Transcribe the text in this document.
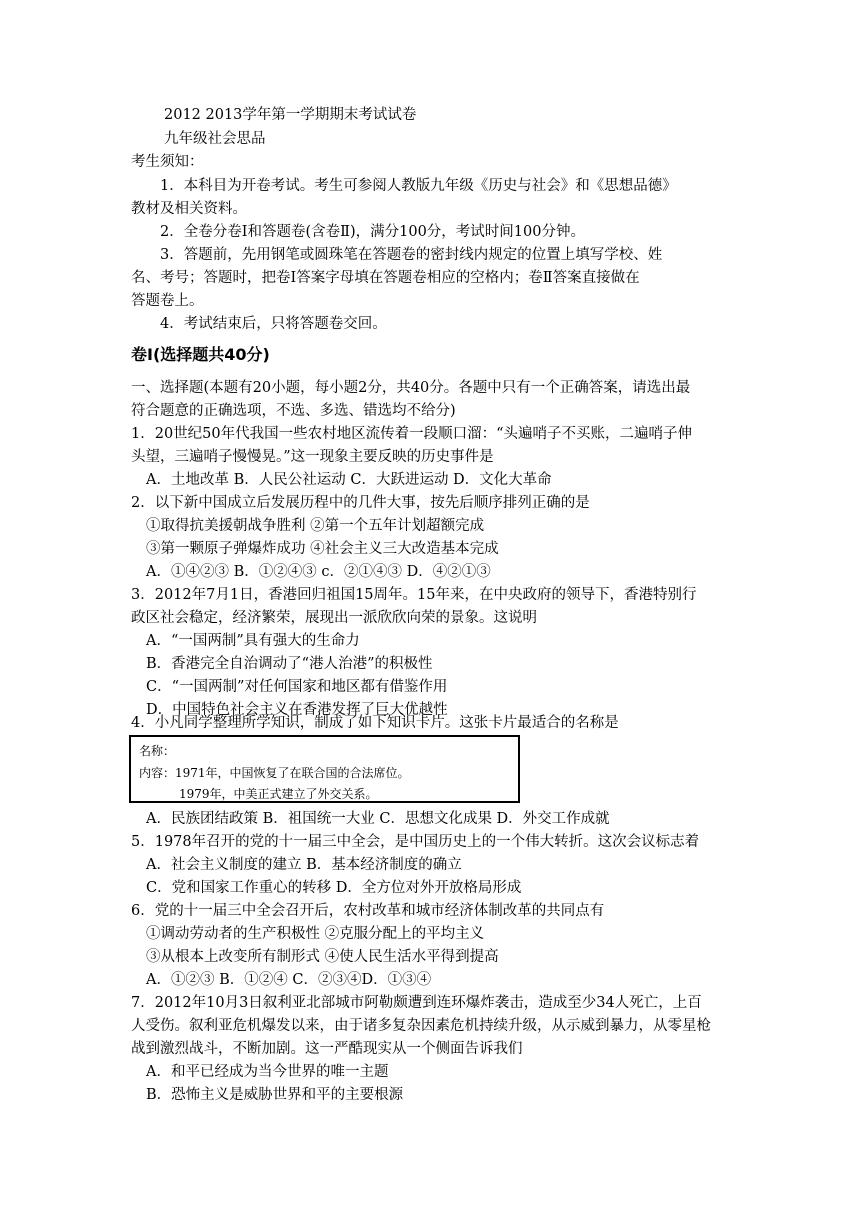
2012 2013学年第一学期期末考试试卷
九年级社会思品
考生须知：
1．本科目为开卷考试。考生可参阅人教版九年级《历史与社会》和《思想品德》
教材及相关资料。
2．全卷分卷Ⅰ和答题卷(含卷Ⅱ)，满分100分，考试时间100分钟。
3．答题前，先用钢笔或圆珠笔在答题卷的密封线内规定的位置上填写学校、姓
名、考号；答题时，把卷Ⅰ答案字母填在答题卷相应的空格内；卷Ⅱ答案直接做在
答题卷上。
4．考试结束后，只将答题卷交回。
卷Ⅰ(选择题共40分)
一、选择题(本题有20小题，每小题2分，共40分。各题中只有一个正确答案，请选出最
符合题意的正确选项，不选、多选、错选均不给分)
1．20世纪50年代我国一些农村地区流传着一段顺口溜：“头遍哨子不买账，二遍哨子伸
头望，三遍哨子慢慢晃。”这一现象主要反映的历史事件是
A．土地改革 B．人民公社运动 C．大跃进运动 D．文化大革命
2．以下新中国成立后发展历程中的几件大事，按先后顺序排列正确的是
①取得抗美援朝战争胜利 ②第一个五年计划超额完成
③第一颗原子弹爆炸成功 ④社会主义三大改造基本完成
A．①④②③ B．①②④③ c．②①④③ D．④②①③
3．2012年7月1日，香港回归祖国15周年。15年来，在中央政府的领导下，香港特别行
政区社会稳定，经济繁荣，展现出一派欣欣向荣的景象。这说明
A．“一国两制”具有强大的生命力
B．香港完全自治调动了“港人治港”的积极性
C．“一国两制”对任何国家和地区都有借鉴作用
D．中国特色社会主义在香港发挥了巨大优越性
4．小凡同学整理所学知识，制成了如下知识卡片。这张卡片最适合的名称是
名称：
内容：1971年，中国恢复了在联合国的合法席位。
1979年，中美正式建立了外交关系。
A．民族团结政策 B．祖国统一大业 C．思想文化成果 D．外交工作成就
5．1978年召开的党的十一届三中全会，是中国历史上的一个伟大转折。这次会议标志着
A．社会主义制度的建立 B．基本经济制度的确立
C．党和国家工作重心的转移 D．全方位对外开放格局形成
6．党的十一届三中全会召开后，农村改革和城市经济体制改革的共同点有
①调动劳动者的生产积极性 ②克服分配上的平均主义
③从根本上改变所有制形式 ④使人民生活水平得到提高
A．①②③ B．①②④ C．②③④D．①③④
7．2012年10月3日叙利亚北部城市阿勒颇遭到连环爆炸袭击，造成至少34人死亡，上百
人受伤。叙利亚危机爆发以来，由于诸多复杂因素危机持续升级，从示威到暴力，从零星枪
战到激烈战斗，不断加剧。这一严酷现实从一个侧面告诉我们
A．和平已经成为当今世界的唯一主题
B．恐怖主义是威胁世界和平的主要根源
